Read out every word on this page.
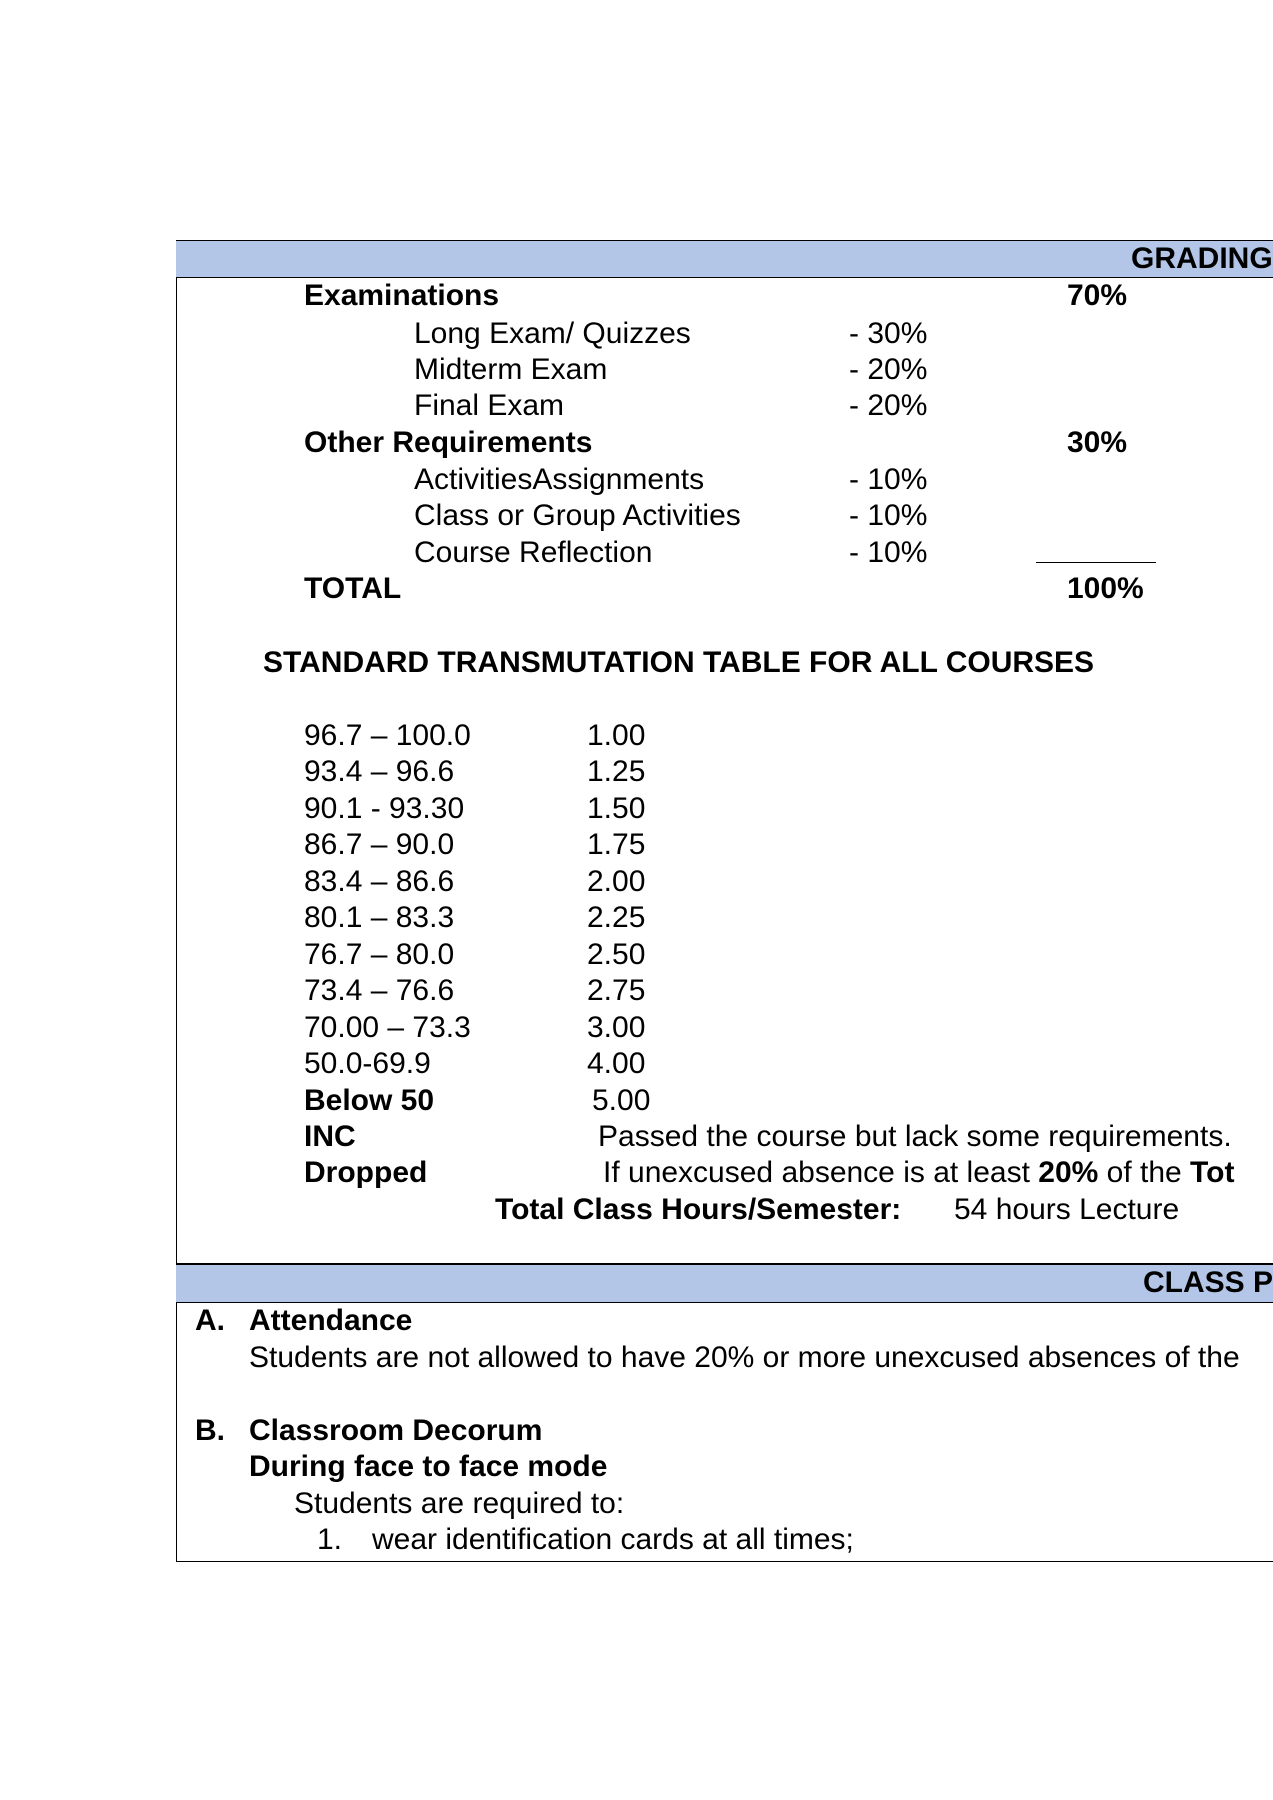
GRADING
Examinations	70%
Long Exam/ Quizzes	- 30%
Midterm Exam	- 20%
Final Exam	- 20%
Other Requirements	30%
ActivitiesAssignments	- 10%
Class or Group Activities	- 10%
Course Reflection	- 10%
TOTAL	100%
STANDARD TRANSMUTATION TABLE FOR ALL COURSES
96.7 – 100.0	1.00
93.4 – 96.6	1.25
90.1 - 93.30	1.50
86.7 – 90.0	1.75
83.4 – 86.6	2.00
80.1 – 83.3	2.25
76.7 – 80.0	2.50
73.4 – 76.6	2.75
70.00 – 73.3	3.00
50.0-69.9	4.00
Below 50	5.00
INC	Passed the course but lack some requirements.
Dropped	If unexcused absence is at least 20% of the Tot
Total Class Hours/Semester: 54 hours Lecture
CLASS P
A. Attendance
Students are not allowed to have 20% or more unexcused absences of the
B. Classroom Decorum
During face to face mode
Students are required to:
1. wear identification cards at all times;
